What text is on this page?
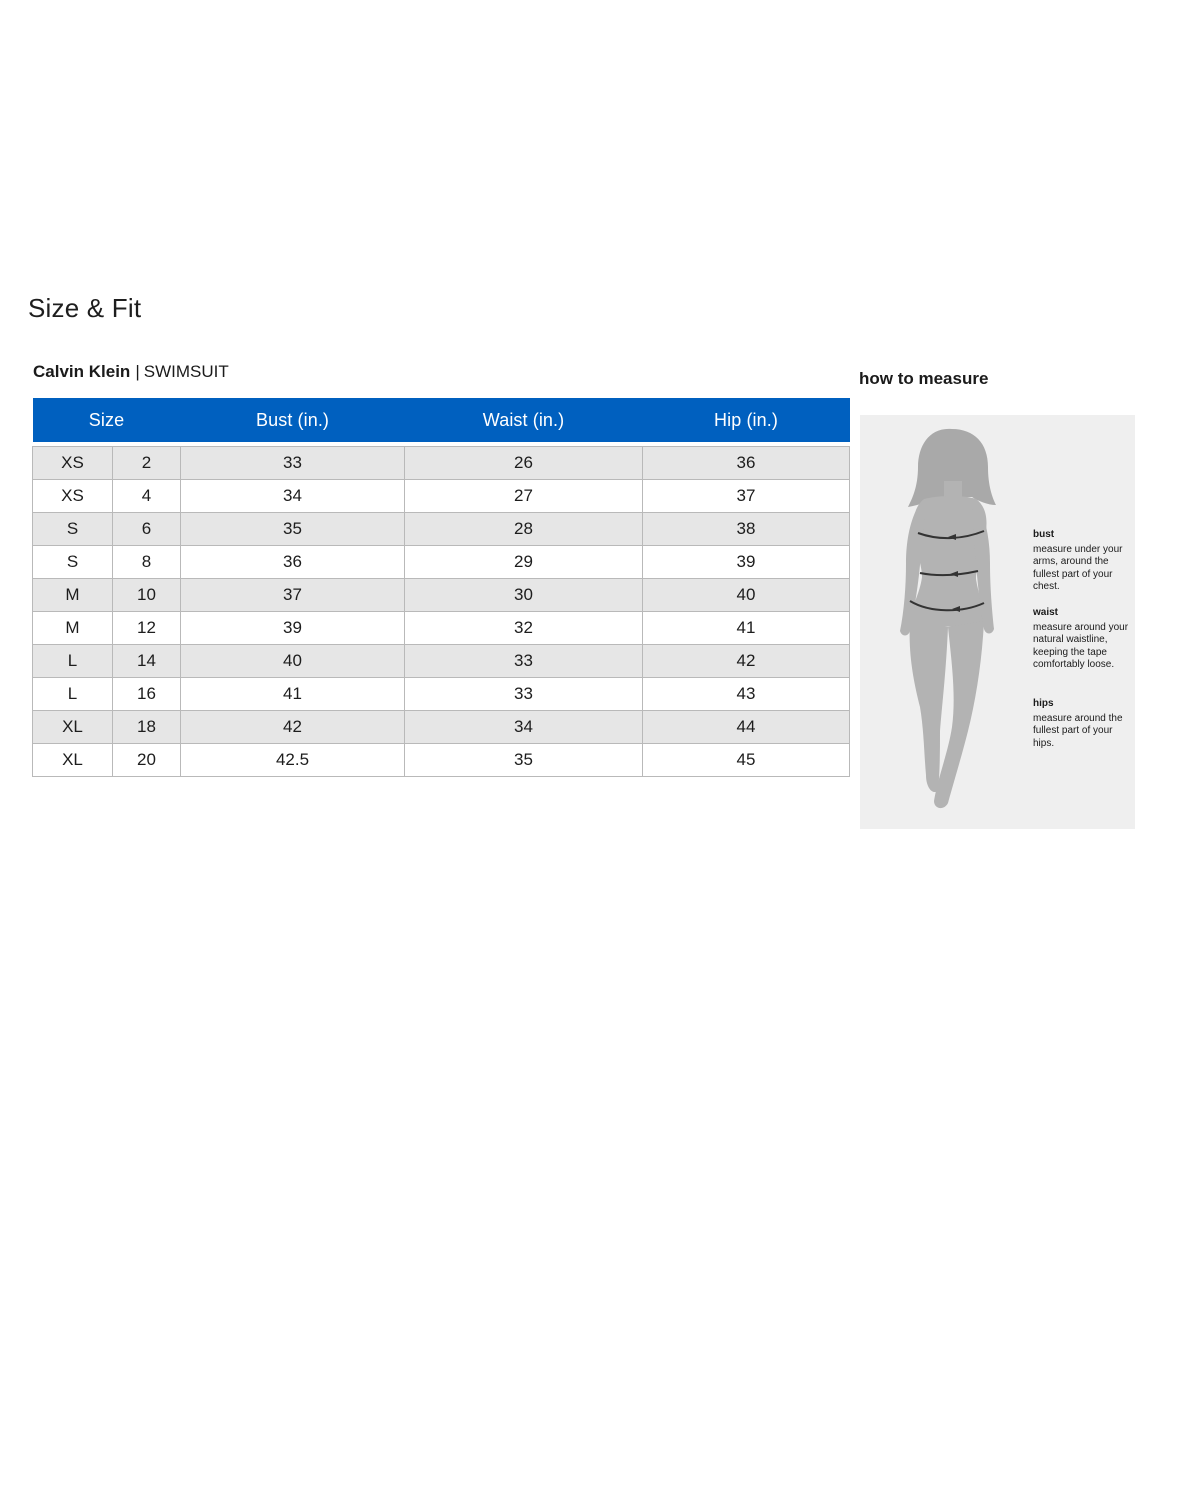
Size & Fit
Calvin Klein | SWIMSUIT
Size		Bust (in.)	Waist (in.)	Hip (in.)

XS	2	33	26	36
XS	4	34	27	37
S	6	35	28	38
S	8	36	29	39
M	10	37	30	40
M	12	39	32	41
L	14	40	33	42
L	16	41	33	43
XL	18	42	34	44
XL	20	42.5	35	45
how to measure
bust
measure under your arms, around the fullest part of your chest.
waist
measure around your natural waistline, keeping the tape comfortably loose.
hips
measure around the fullest part of your hips.
